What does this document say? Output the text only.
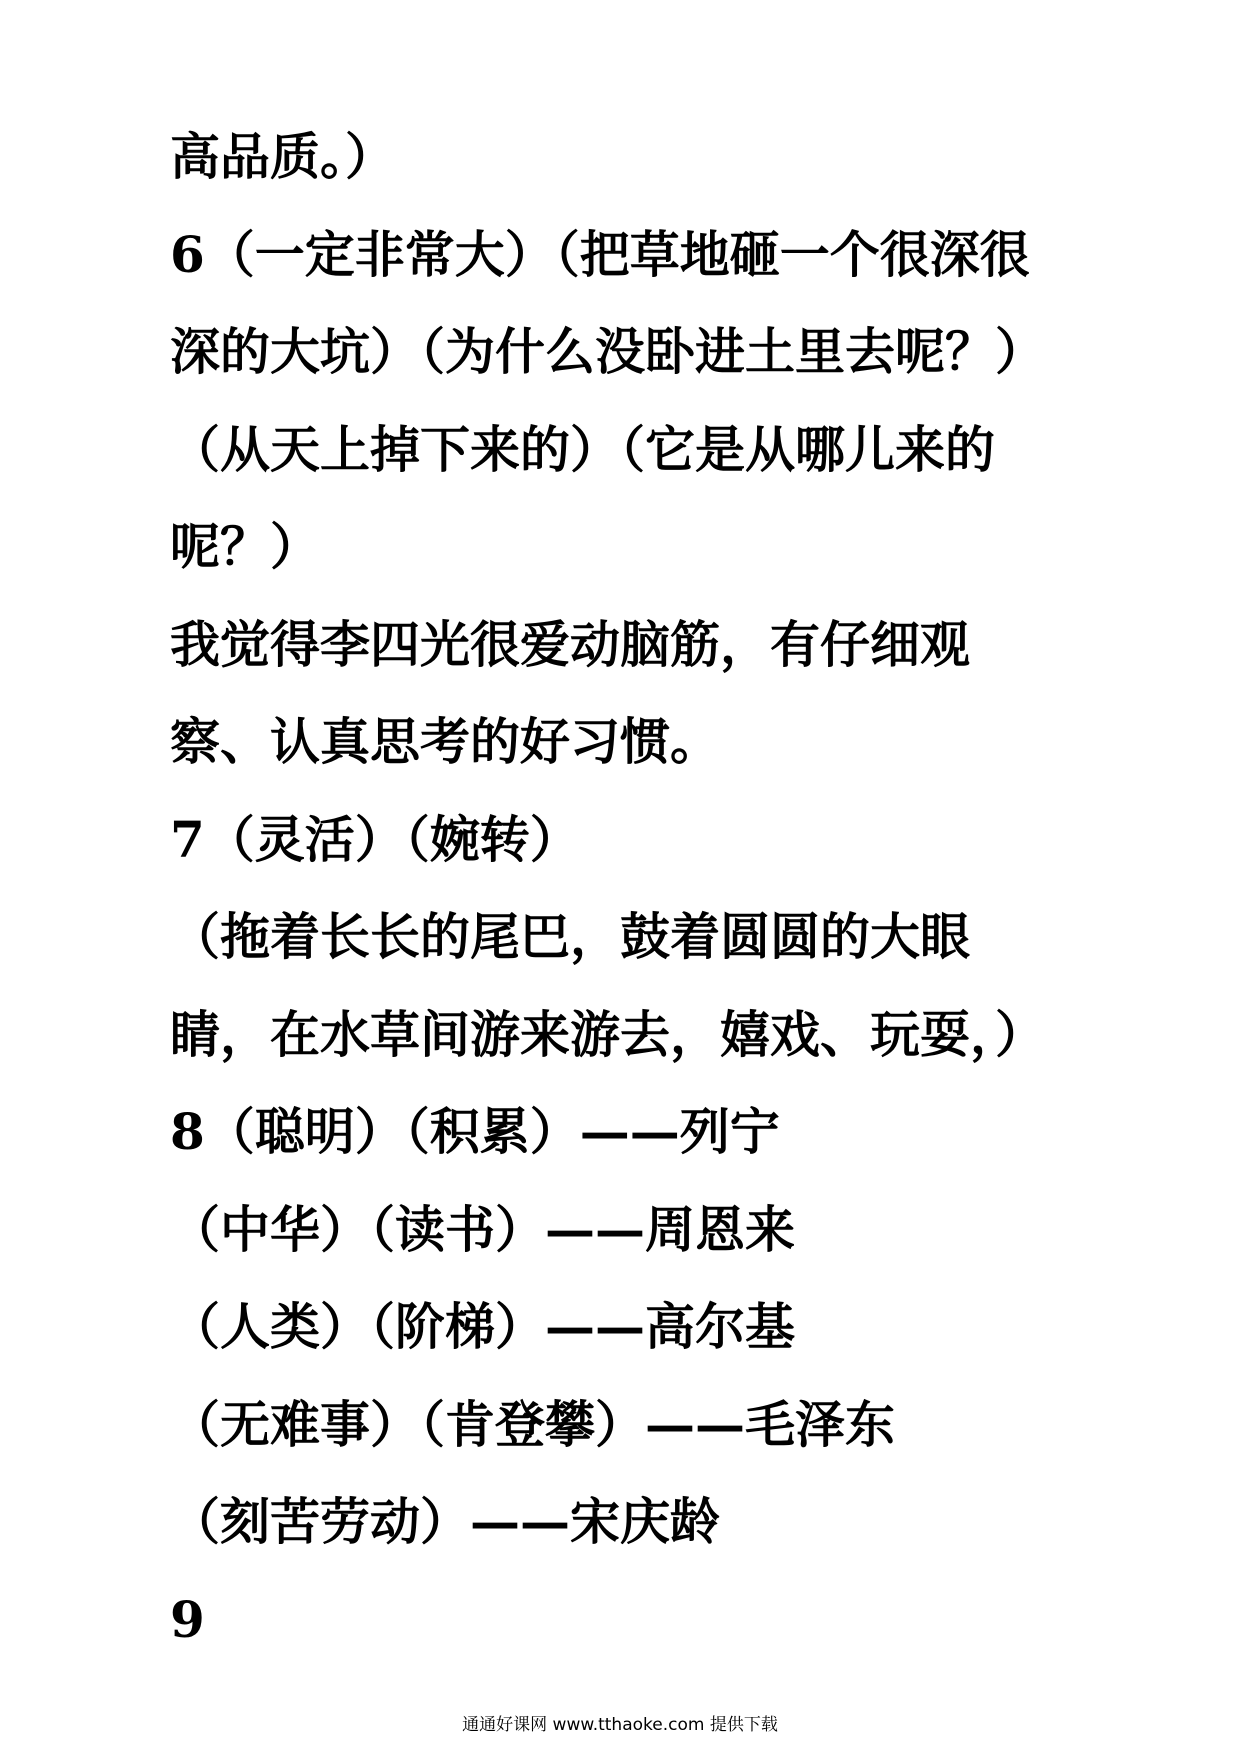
高品质。）
6（一定非常大）（把草地砸一个很深很
深的大坑）（为什么没卧进土里去呢？）
（从天上掉下来的）（它是从哪儿来的
呢？）
我觉得李四光很爱动脑筋，有仔细观
察、认真思考的好习惯。
7（灵活）（婉转）
（拖着长长的尾巴，鼓着圆圆的大眼
睛，在水草间游来游去，嬉戏、玩耍，）
8（聪明）（积累）——列宁
（中华）（读书）——周恩来
（人类）（阶梯）——高尔基
（无难事）（肯登攀）——毛泽东
（刻苦劳动）——宋庆龄
9
通通好课网 www.tthaoke.com 提供下载
